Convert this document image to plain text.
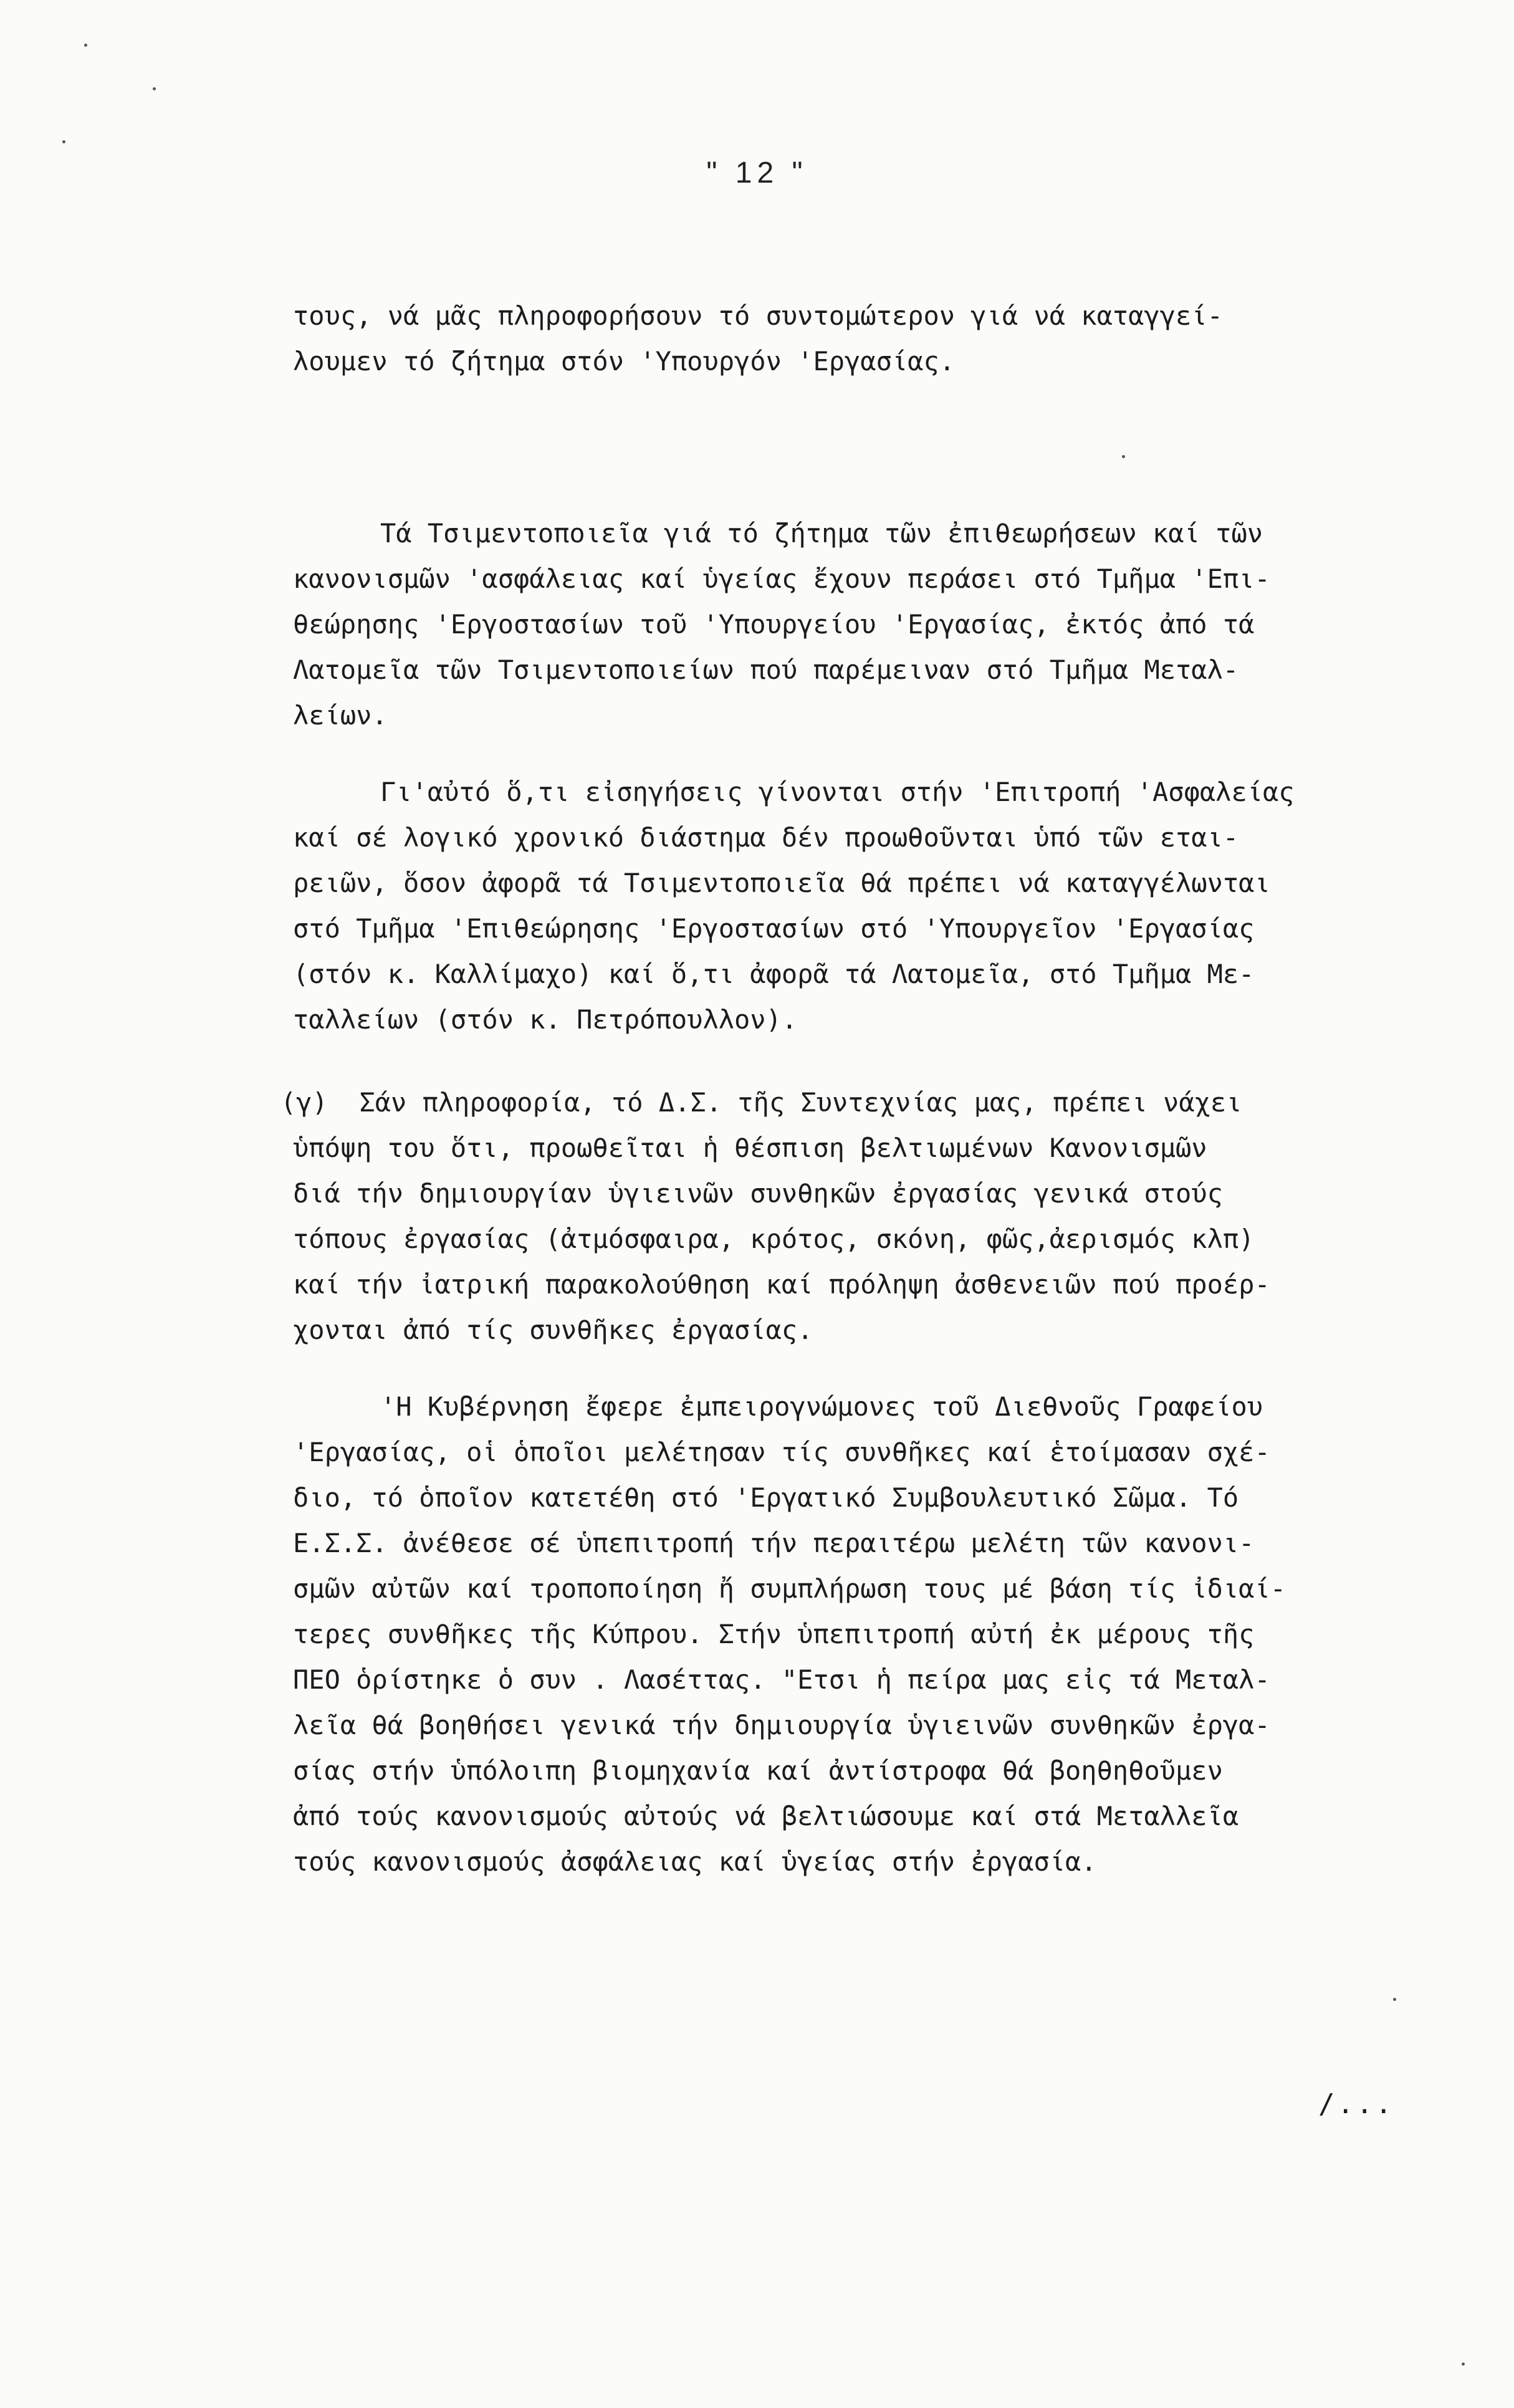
" 12 "
τους, νά μᾶς πληροφορήσουν τό συντομώτερον γιά νά καταγγεί-
λουμεν τό ζήτημα στόν 'Υπουργόν 'Εργασίας.

Τά Τσιμεντοποιεῖα γιά τό ζήτημα τῶν ἐπιθεωρήσεων καί τῶν
κανονισμῶν 'ασφάλειας καί ὑγείας ἔχουν περάσει στό Τμῆμα 'Επι-
θεώρησης 'Εργοστασίων τοῦ 'Υπουργείου 'Εργασίας, ἐκτός ἀπό τά
Λατομεῖα τῶν Τσιμεντοποιείων πού παρέμειναν στό Τμῆμα Μεταλ-
λείων.
Γι'αὐτό ὅ,τι εἰσηγήσεις γίνονται στήν 'Επιτροπή 'Ασφαλείας
καί σέ λογικό χρονικό διάστημα δέν προωθοῦνται ὑπό τῶν εται-
ρειῶν, ὅσον ἀφορᾶ τά Τσιμεντοποιεῖα θά πρέπει νά καταγγέλωνται
στό Τμῆμα 'Επιθεώρησης 'Εργοστασίων στό 'Υπουργεῖον 'Εργασίας
(στόν κ. Καλλίμαχο) καί ὅ,τι ἀφορᾶ τά Λατομεῖα, στό Τμῆμα Με-
ταλλείων (στόν κ. Πετρόπουλλον).
(γ) Σάν πληροφορία, τό Δ.Σ. τῆς Συντεχνίας μας, πρέπει νάχει
ὑπόψη του ὅτι, προωθεῖται ἡ θέσπιση βελτιωμένων Κανονισμῶν
διά τήν δημιουργίαν ὑγιεινῶν συνθηκῶν ἐργασίας γενικά στούς
τόπους ἐργασίας (ἀτμόσφαιρα, κρότος, σκόνη, φῶς,ἀερισμός κλπ)
καί τήν ἰατρική παρακολούθηση καί πρόληψη ἀσθενειῶν πού προέρ-
χονται ἀπό τίς συνθῆκες ἐργασίας.
'Η Κυβέρνηση ἔφερε ἐμπειρογνώμονες τοῦ Διεθνοῦς Γραφείου
'Εργασίας, οἱ ὁποῖοι μελέτησαν τίς συνθῆκες καί ἑτοίμασαν σχέ-
διο, τό ὁποῖον κατετέθη στό 'Εργατικό Συμβουλευτικό Σῶμα. Τό
Ε.Σ.Σ. ἀνέθεσε σέ ὑπεπιτροπή τήν περαιτέρω μελέτη τῶν κανονι-
σμῶν αὐτῶν καί τροποποίηση ἤ συμπλήρωση τους μέ βάση τίς ἰδιαί-
τερες συνθῆκες τῆς Κύπρου. Στήν ὑπεπιτροπή αὐτή ἐκ μέρους τῆς
ΠΕΟ ὁρίστηκε ὁ συν . Λασέττας. "Ετσι ἡ πείρα μας εἰς τά Μεταλ-
λεῖα θά βοηθήσει γενικά τήν δημιουργία ὑγιεινῶν συνθηκῶν ἐργα-
σίας στήν ὑπόλοιπη βιομηχανία καί ἀντίστροφα θά βοηθηθοῦμεν
ἀπό τούς κανονισμούς αὐτούς νά βελτιώσουμε καί στά Μεταλλεῖα
τούς κανονισμούς ἀσφάλειας καί ὑγείας στήν ἐργασία.
/...
